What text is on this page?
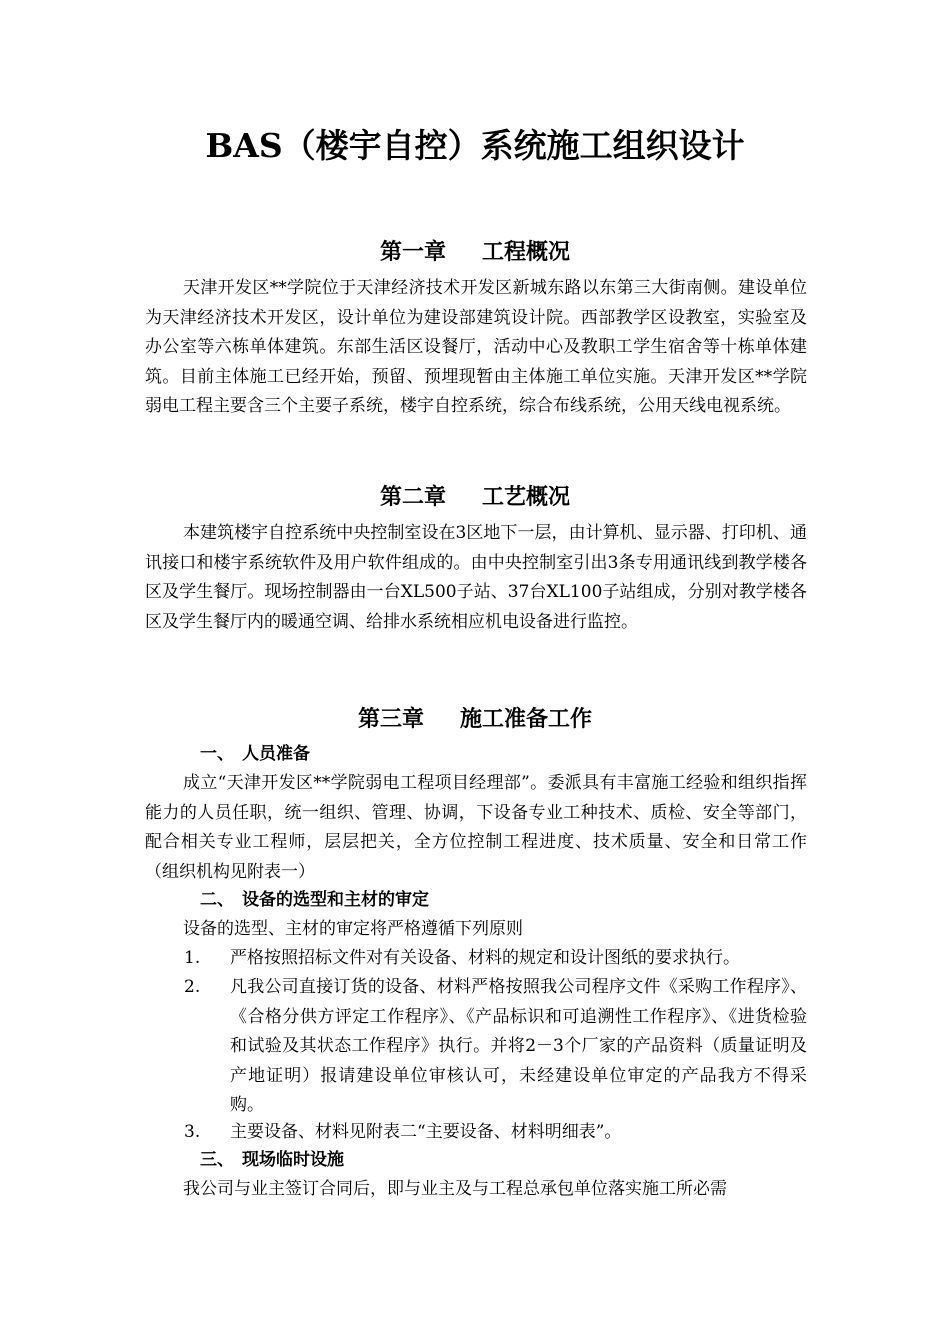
BAS（楼宇自控）系统施工组织设计
第一章 工程概况

天津开发区**学院位于天津经济技术开发区新城东路以东第三大街南侧。建设单位为天津经济技术开发区，设计单位为建设部建筑设计院。西部教学区设教室，实验室及办公室等六栋单体建筑。东部生活区设餐厅，活动中心及教职工学生宿舍等十栋单体建筑。目前主体施工已经开始，预留、预埋现暂由主体施工单位实施。天津开发区**学院弱电工程主要含三个主要子系统，楼宇自控系统，综合布线系统，公用天线电视系统。

第二章 工艺概况

本建筑楼宇自控系统中央控制室设在3区地下一层，由计算机、显示器、打印机、通讯接口和楼宇系统软件及用户软件组成的。由中央控制室引出3条专用通讯线到教学楼各区及学生餐厅。现场控制器由一台XL500子站、37台XL100子站组成，分别对教学楼各区及学生餐厅内的暖通空调、给排水系统相应机电设备进行监控。

第三章 施工准备工作
一、 人员准备

成立“天津开发区**学院弱电工程项目经理部”。委派具有丰富施工经验和组织指挥能力的人员任职，统一组织、管理、协调，下设备专业工种技术、质检、安全等部门，配合相关专业工程师，层层把关，全方位控制工程进度、技术质量、安全和日常工作（组织机构见附表一）

二、 设备的选型和主材的审定

设备的选型、主材的审定将严格遵循下列原则

1.	严格按照招标文件对有关设备、材料的规定和设计图纸的要求执行。
2.	凡我公司直接订货的设备、材料严格按照我公司程序文件《采购工作程序》、《合格分供方评定工作程序》、《产品标识和可追溯性工作程序》、《进货检验和试验及其状态工作程序》执行。并将2－3个厂家的产品资料（质量证明及产地证明）报请建设单位审核认可，未经建设单位审定的产品我方不得采购。
3.	主要设备、材料见附表二“主要设备、材料明细表”。
三、 现场临时设施

我公司与业主签订合同后，即与业主及与工程总承包单位落实施工所必需
